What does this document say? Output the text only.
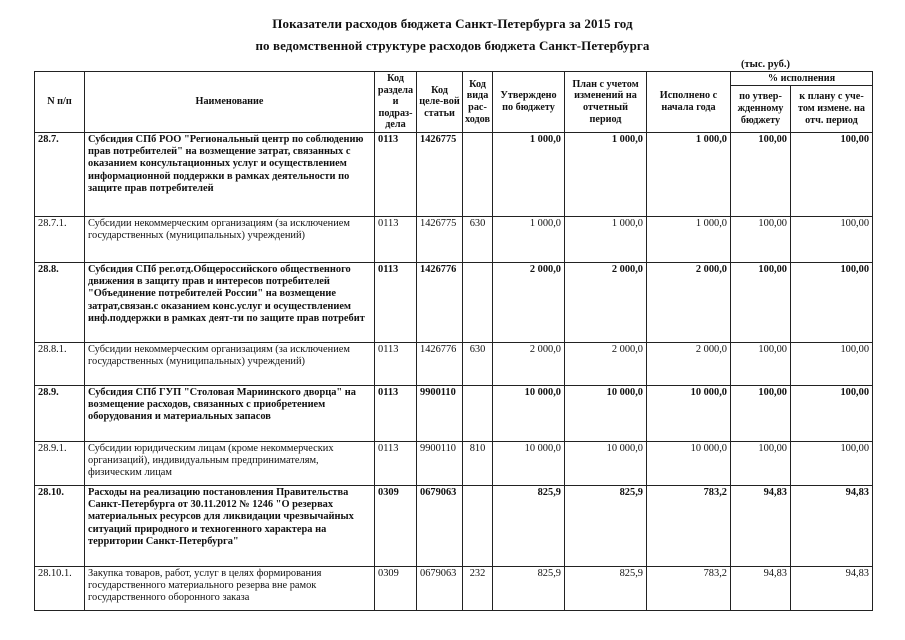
Показатели расходов бюджета Санкт-Петербурга за 2015 год
по ведомственной структуре расходов бюджета Санкт-Петербурга
(тыс. руб.)
N п/п	Наименование	Код раздела и подраз-дела	Код целе-вой статьи	Код вида рас-ходов	Утверждено по бюджету	План с учетом изменений на отчетный период	Исполнено с начала года	% исполнения	
								по утвер-жденному бюджету	к плану с уче-том измене. на отч. период
28.7.	Субсидия СПб РОО "Региональный центр по соблюдению прав потребителей" на возмещение затрат, связанных с оказанием консультационных услуг и осуществлением информационной поддержки в рамках деятельности по защите прав потребителей	0113	1426775		1 000,0	1 000,0	1 000,0	100,00	100,00
28.7.1.	Субсидии некоммерческим организациям (за исключением государственных (муниципальных) учреждений)	0113	1426775	630	1 000,0	1 000,0	1 000,0	100,00	100,00
28.8.	Субсидия СПб рег.отд.Общероссийского общественного движения в защиту прав и интересов потребителей "Объединение потребителей России" на возмещение затрат,связан.с оказанием конс.услуг и осуществлением инф.поддержки в рамках деят-ти по защите прав потребит	0113	1426776		2 000,0	2 000,0	2 000,0	100,00	100,00
28.8.1.	Субсидии некоммерческим организациям (за исключением государственных (муниципальных) учреждений)	0113	1426776	630	2 000,0	2 000,0	2 000,0	100,00	100,00
28.9.	Субсидия СПб ГУП "Столовая Мариинского дворца" на возмещение расходов, связанных с приобретением оборудования и материальных запасов	0113	9900110		10 000,0	10 000,0	10 000,0	100,00	100,00
28.9.1.	Субсидии юридическим лицам (кроме некоммерческих организаций), индивидуальным предпринимателям, физическим лицам	0113	9900110	810	10 000,0	10 000,0	10 000,0	100,00	100,00
28.10.	Расходы на реализацию постановления Правительства Санкт-Петербурга от 30.11.2012 № 1246 "О резервах материальных ресурсов для ликвидации чрезвычайных ситуаций природного и техногенного характера на территории Санкт-Петербурга"	0309	0679063		825,9	825,9	783,2	94,83	94,83
28.10.1.	Закупка товаров, работ, услуг в целях формирования государственного материального резерва вне рамок государственного оборонного заказа	0309	0679063	232	825,9	825,9	783,2	94,83	94,83
